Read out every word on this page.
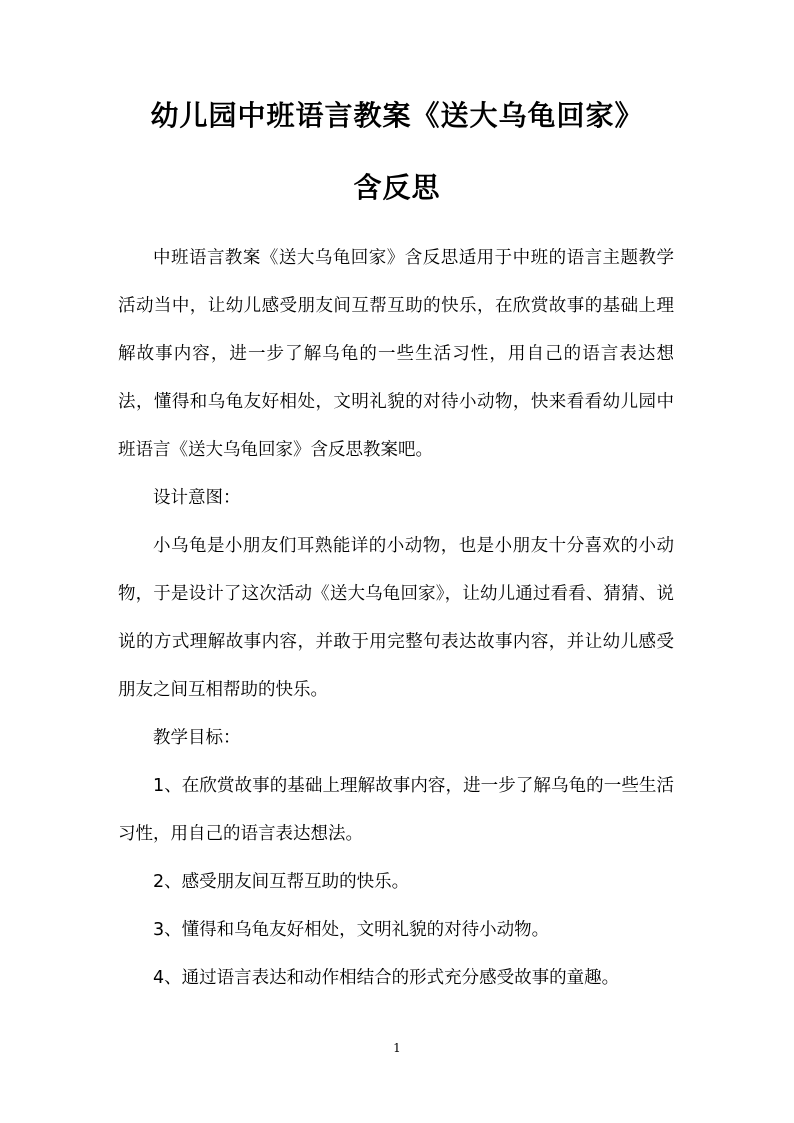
幼儿园中班语言教案《送大乌龟回家》
含反思

中班语言教案《送大乌龟回家》含反思适用于中班的语言主题教学活动当中，让幼儿感受朋友间互帮互助的快乐，在欣赏故事的基础上理解故事内容，进一步了解乌龟的一些生活习性，用自己的语言表达想法，懂得和乌龟友好相处，文明礼貌的对待小动物，快来看看幼儿园中班语言《送大乌龟回家》含反思教案吧。

设计意图：

小乌龟是小朋友们耳熟能详的小动物，也是小朋友十分喜欢的小动物，于是设计了这次活动《送大乌龟回家》，让幼儿通过看看、猜猜、说说的方式理解故事内容，并敢于用完整句表达故事内容，并让幼儿感受朋友之间互相帮助的快乐。

教学目标：

1、在欣赏故事的基础上理解故事内容，进一步了解乌龟的一些生活习性，用自己的语言表达想法。

2、感受朋友间互帮互助的快乐。

3、懂得和乌龟友好相处，文明礼貌的对待小动物。

4、通过语言表达和动作相结合的形式充分感受故事的童趣。

1
